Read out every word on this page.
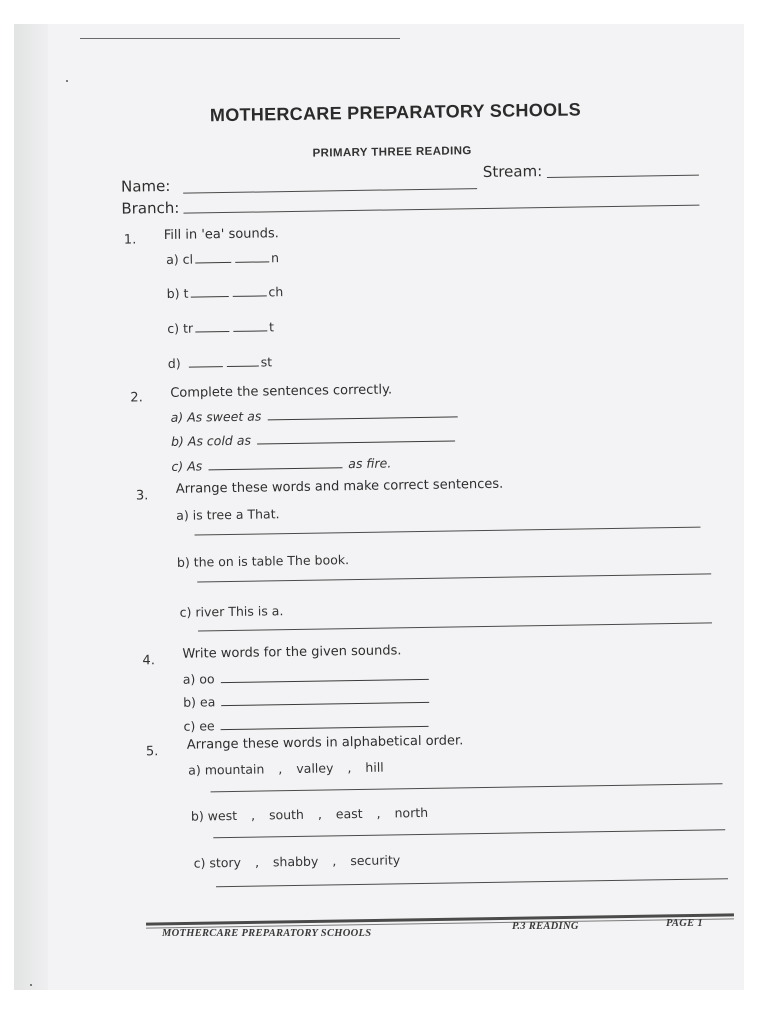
MOTHERCARE PREPARATORY SCHOOLS
PRIMARY THREE READING
Name:
Stream:
Branch:
1. Fill in 'ea' sounds.
a) cl	n
b) t	ch
c) tr	t
d)	st
2. Complete the sentences correctly.
a) As sweet as
b) As cold as
c) As	as fire.
3. Arrange these words and make correct sentences.
a) is tree a That.
b) the on is table The book.
c) river This is a.
4. Write words for the given sounds.
a) oo
b) ea
c) ee
5. Arrange these words in alphabetical order.
a) mountain , valley , hill
b) west , south , east , north
c) story , shabby , security
MOTHERCARE PREPARATORY SCHOOLS
P.3 READING	PAGE 1
